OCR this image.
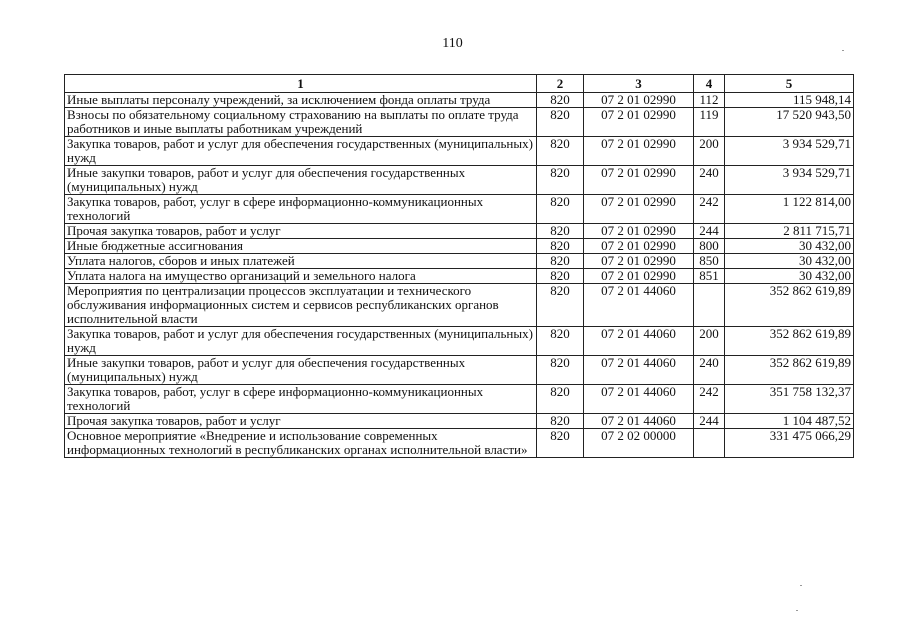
110
1	2	3	4	5
Иные выплаты персоналу учреждений, за исключением фонда оплаты труда	820	07 2 01 02990	112	115 948,14
Взносы по обязательному социальному страхованию на выплаты по оплате труда работников и иные выплаты работникам учреждений	820	07 2 01 02990	119	17 520 943,50
Закупка товаров, работ и услуг для обеспечения государственных (муниципальных) нужд	820	07 2 01 02990	200	3 934 529,71
Иные закупки товаров, работ и услуг для обеспечения государственных (муниципальных) нужд	820	07 2 01 02990	240	3 934 529,71
Закупка товаров, работ, услуг в сфере информационно-коммуникационных технологий	820	07 2 01 02990	242	1 122 814,00
Прочая закупка товаров, работ и услуг	820	07 2 01 02990	244	2 811 715,71
Иные бюджетные ассигнования	820	07 2 01 02990	800	30 432,00
Уплата налогов, сборов и иных платежей	820	07 2 01 02990	850	30 432,00
Уплата налога на имущество организаций и земельного налога	820	07 2 01 02990	851	30 432,00
Мероприятия по централизации процессов эксплуатации и технического обслуживания информационных систем и сервисов республиканских органов исполнительной власти	820	07 2 01 44060		352 862 619,89
Закупка товаров, работ и услуг для обеспечения государственных (муниципальных) нужд	820	07 2 01 44060	200	352 862 619,89
Иные закупки товаров, работ и услуг для обеспечения государственных (муниципальных) нужд	820	07 2 01 44060	240	352 862 619,89
Закупка товаров, работ, услуг в сфере информационно-коммуникационных технологий	820	07 2 01 44060	242	351 758 132,37
Прочая закупка товаров, работ и услуг	820	07 2 01 44060	244	1 104 487,52
Основное мероприятие «Внедрение и использование современных информационных технологий в республиканских органах исполнительной власти»	820	07 2 02 00000		331 475 066,29
